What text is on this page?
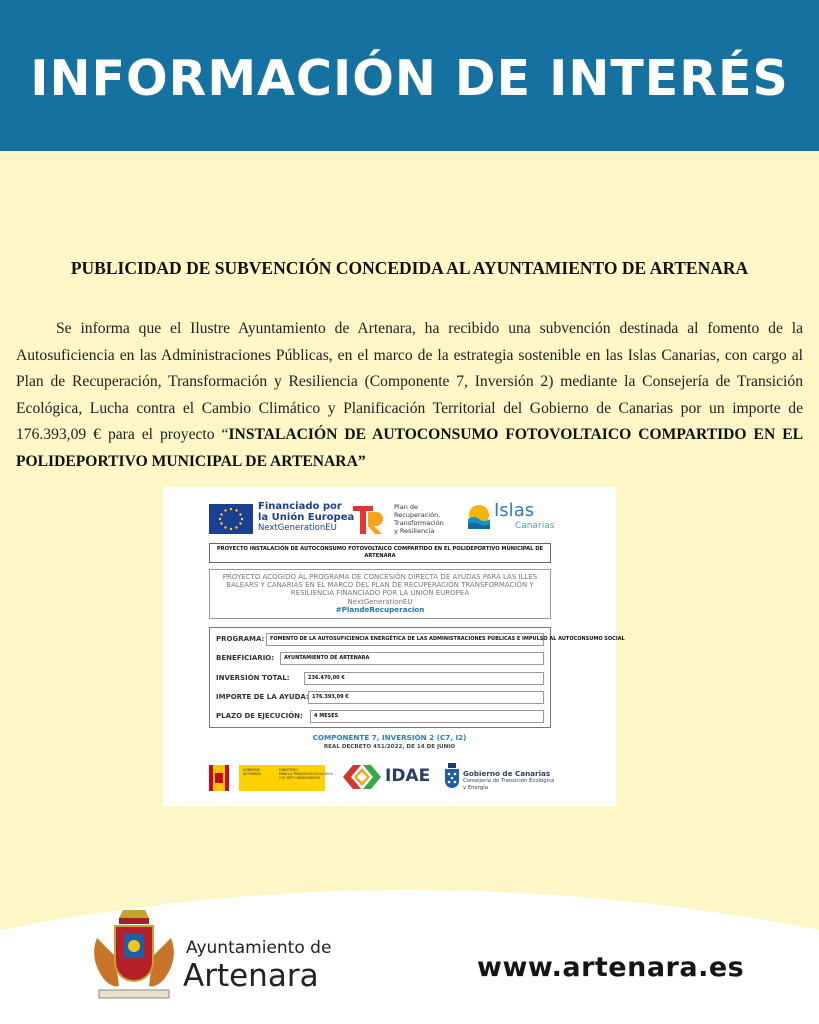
INFORMACIÓN DE INTERÉS
PUBLICIDAD DE SUBVENCIÓN CONCEDIDA AL AYUNTAMIENTO DE ARTENARA

Se informa que el Ilustre Ayuntamiento de Artenara, ha recibido una subvención destinada al fomento de la Autosuficiencia en las Administraciones Públicas, en el marco de la estrategia sostenible en las Islas Canarias, con cargo al Plan de Recuperación, Transformación y Resiliencia (Componente 7, Inversión 2) mediante la Consejería de Transición Ecológica, Lucha contra el Cambio Climático y Planificación Territorial del Gobierno de Canarias por un importe de 176.393,09 € para el proyecto “INSTALACIÓN DE AUTOCONSUMO FOTOVOLTAICO COMPARTIDO EN EL POLIDEPORTIVO MUNICIPAL DE ARTENARA”

Financiado por
la Unión Europea
NextGenerationEU
Plan de
Recuperación,
Transformación
y Resiliencia
Islas
Canarias
PROYECTO INSTALACIÓN DE AUTOCONSUMO FOTOVOLTAICO COMPARTIDO EN EL POLIDEPORTIVO MUNICIPAL DE ARTENARA
PROYECTO ACOGIDO AL PROGRAMA DE CONCESIÓN DIRECTA DE AYUDAS PARA LAS ILLES BALEARS Y CANARIAS EN EL MARCO DEL PLAN DE RECUPERACIÓN TRANSFORMACIÓN Y RESILIENCIA FINANCIADO POR LA UNIÓN EUROPEA
NextGenerationEU
#PlandeRecuperacion
PROGRAMA:	FOMENTO DE LA AUTOSUFICIENCIA ENERGÉTICA DE LAS ADMINISTRACIONES PÚBLICAS E IMPULSO AL AUTOCONSUMO SOCIAL
BENEFICIARIO:	AYUNTAMIENTO DE ARTENARA
INVERSIÓN TOTAL:	236.470,00 €
IMPORTE DE LA AYUDA: 176.393,09 €
PLAZO DE EJECUCIÓN:	4 MESES
COMPONENTE 7, INVERSIÓN 2 (C7, I2)
REAL DECRETO 451/2022, DE 14 DE JUNIO
GOBIERNO
DE ESPAÑA
MINISTERIO
PARA LA TRANSICIÓN ECOLÓGICA
Y EL RETO DEMOGRÁFICO	IDAE	Gobierno de Canarias
Consejería de Transición Ecológica
y Energía
Ayuntamiento de
Artenara	www.artenara.es
